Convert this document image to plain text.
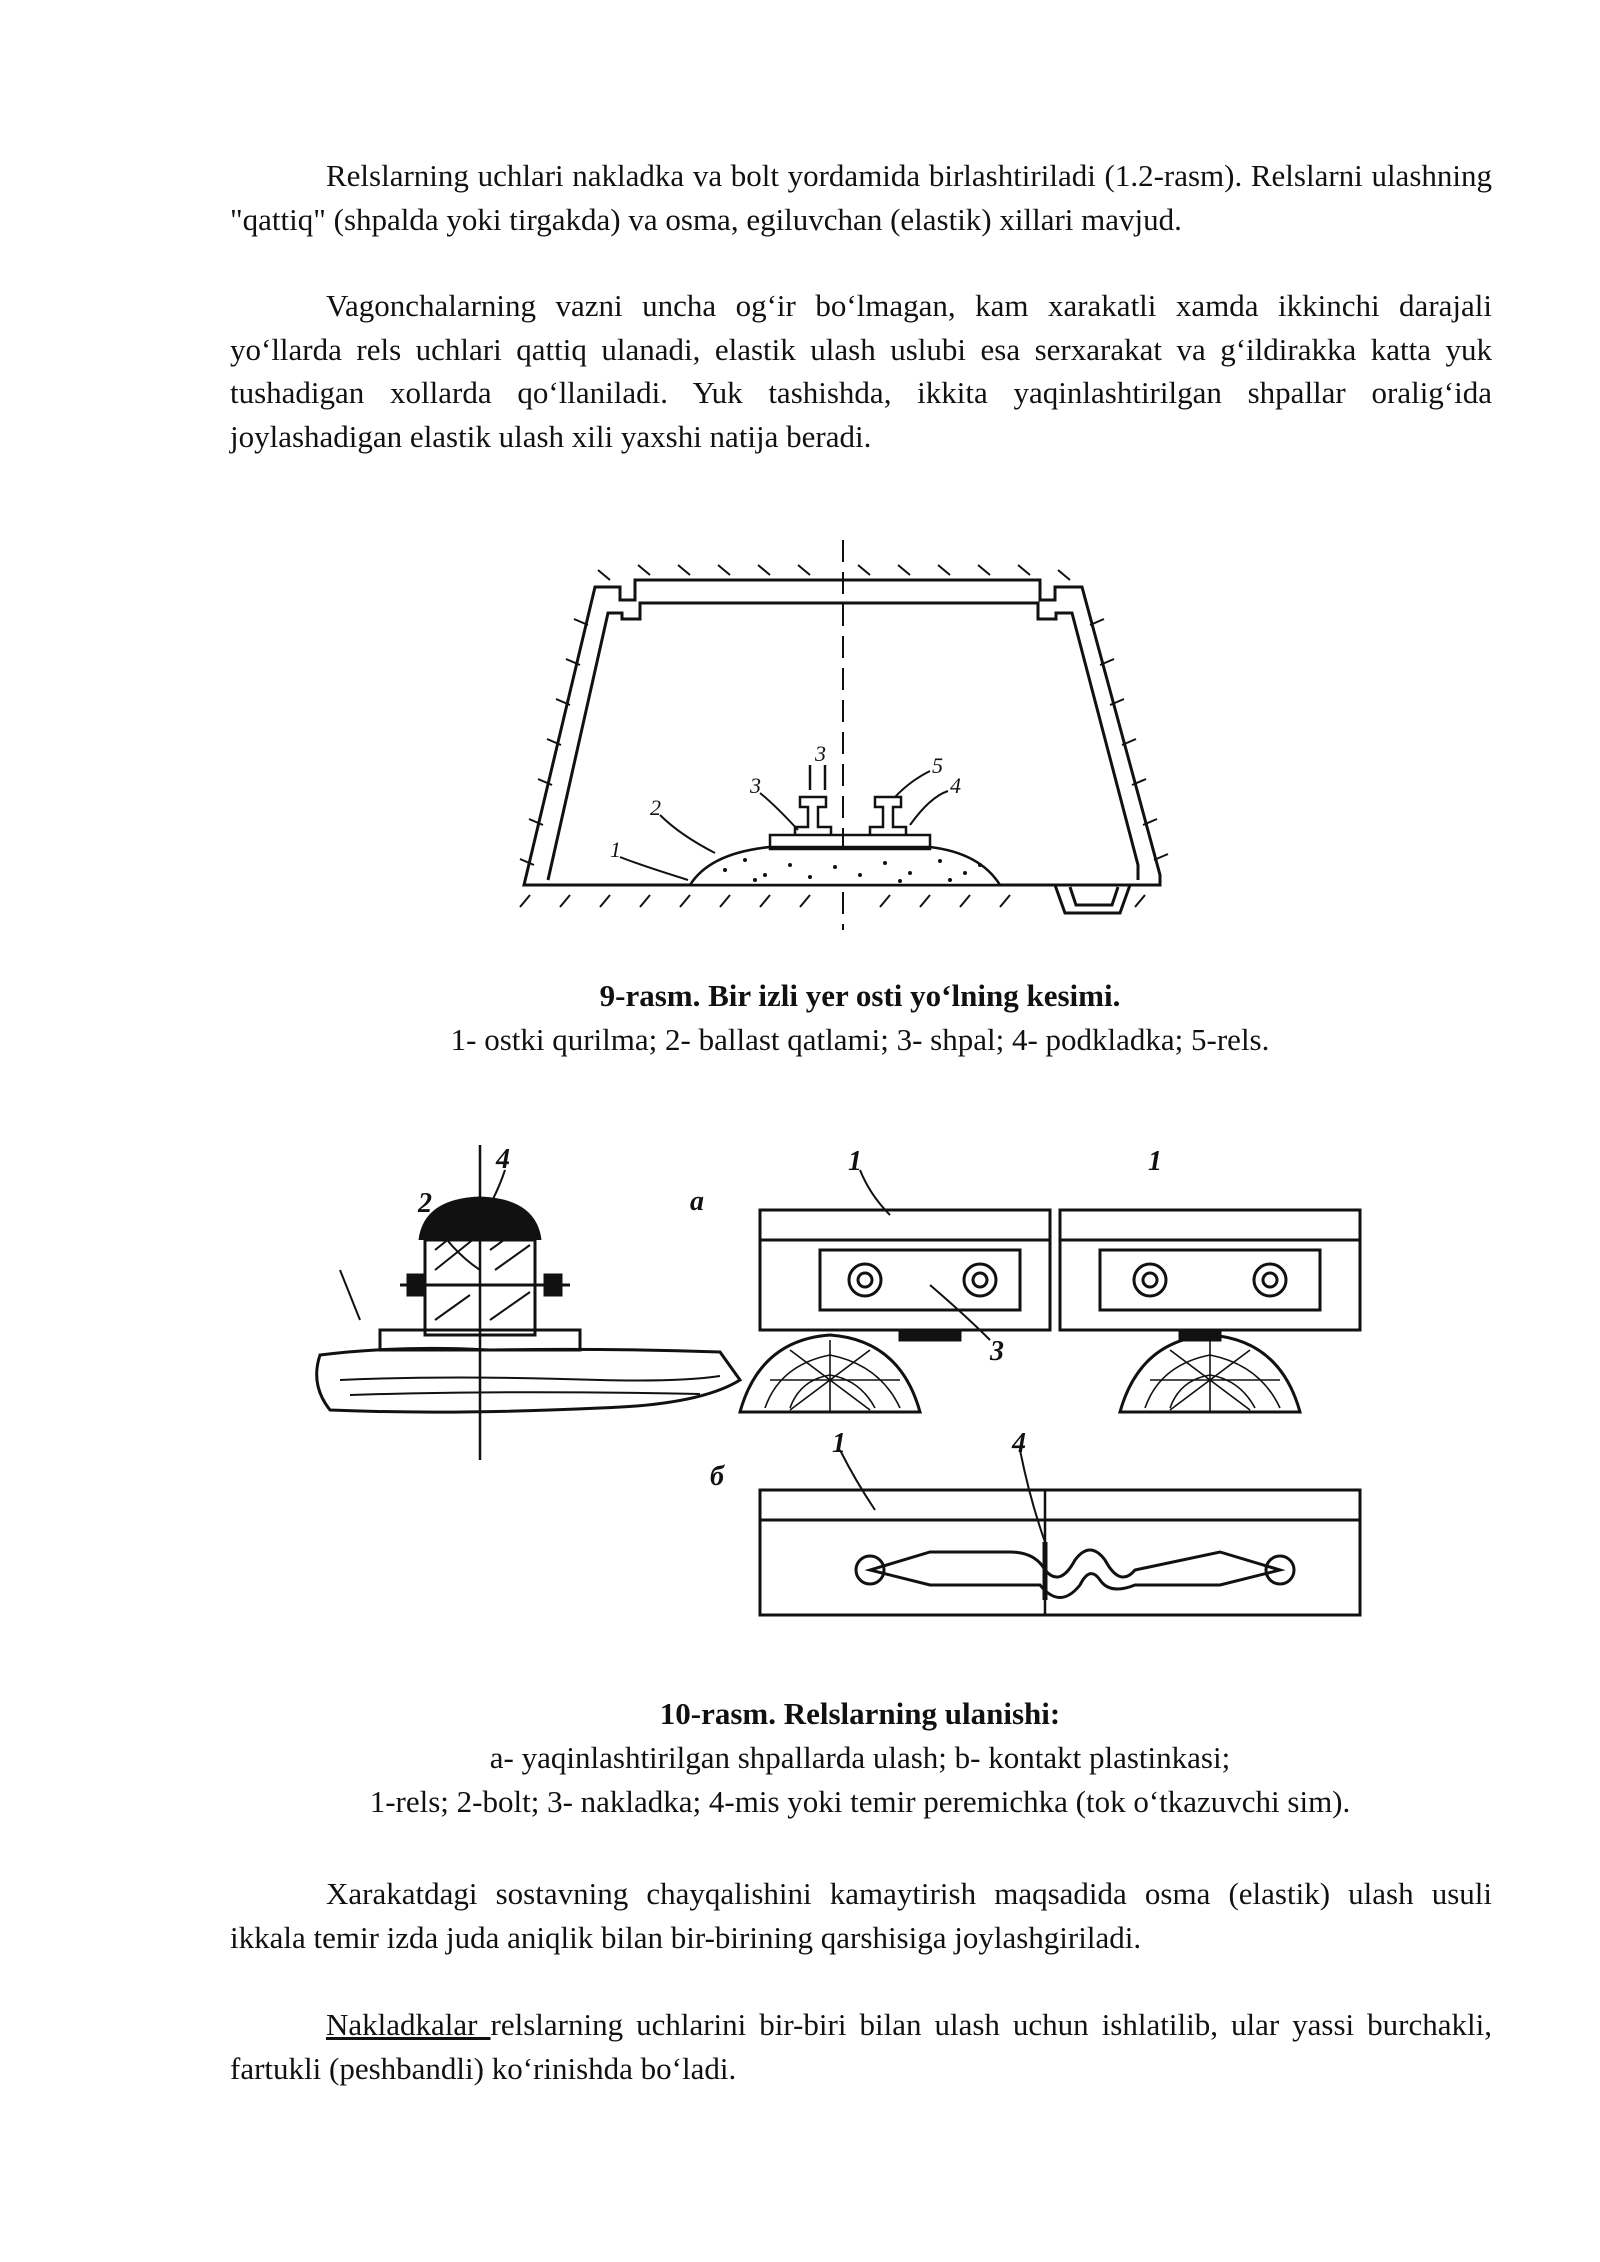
Relslarning uchlari nakladka va bolt yordamida birlashtiriladi (1.2-rasm). Relslarni ulashning "qattiq" (shpalda yoki tirgakda) va osma, egiluvchan (elastik) xillari mavjud.

Vagonchalarning vazni uncha ogʻir boʻlmagan, kam xarakatli xamda ikkinchi darajali yoʻllarda rels uchlari qattiq ulanadi, elastik ulash uslubi esa serxarakat va gʻildirakka katta yuk tushadigan xollarda qoʻllaniladi. Yuk tashishda, ikkita yaqinlashtirilgan shpallar oraligʻida joylashadigan elastik ulash xili yaxshi natija beradi.

3	5
2
3	4
1

9-rasm. Bir izli yer osti yoʻlning kesimi.

1- ostki qurilma; 2- ballast qatlami; 3- shpal; 4- podkladka; 5-rels.

4
2	a
1	1
3
б
1	4

10-rasm. Relslarning ulanishi:

a- yaqinlashtirilgan shpallarda ulash; b- kontakt plastinkasi;

1-rels; 2-bolt; 3- nakladka; 4-mis yoki temir peremichka (tok oʻtkazuvchi sim).

Xarakatdagi sostavning chayqalishini kamaytirish maqsadida osma (elastik) ulash usuli ikkala temir izda juda aniqlik bilan bir-birining qarshisiga joylashgiriladi.

Nakladkalar relslarning uchlarini bir-biri bilan ulash uchun ishlatilib, ular yassi burchakli, fartukli (peshbandli) koʻrinishda boʻladi.
